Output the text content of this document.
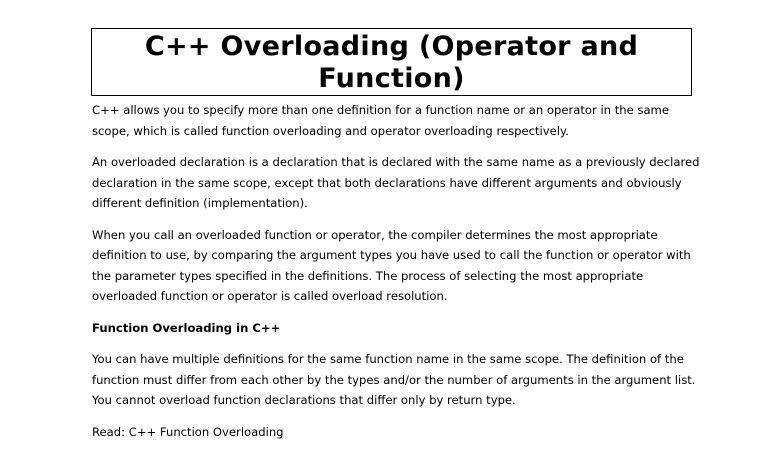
C++ Overloading (Operator and Function)

C++ allows you to specify more than one definition for a function name or an operator in the same scope, which is called function overloading and operator overloading respectively.

An overloaded declaration is a declaration that is declared with the same name as a previously declared declaration in the same scope, except that both declarations have different arguments and obviously different definition (implementation).

When you call an overloaded function or operator, the compiler determines the most appropriate definition to use, by comparing the argument types you have used to call the function or operator with the parameter types specified in the definitions. The process of selecting the most appropriate overloaded function or operator is called overload resolution.

Function Overloading in C++

You can have multiple definitions for the same function name in the same scope. The definition of the function must differ from each other by the types and/or the number of arguments in the argument list. You cannot overload function declarations that differ only by return type.

Read: C++ Function Overloading
